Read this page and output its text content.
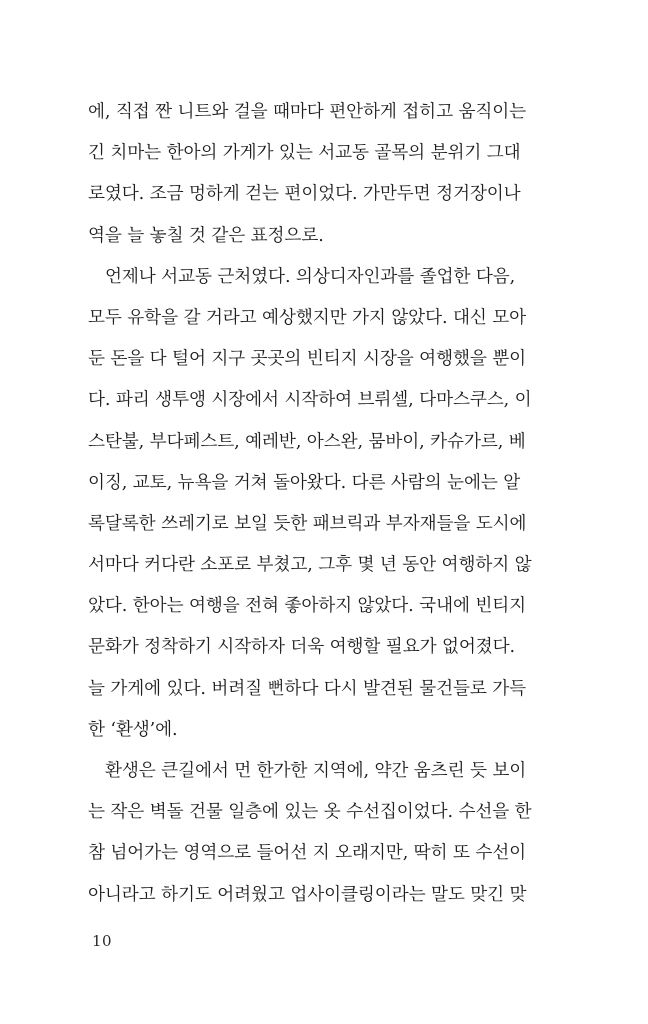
에, 직접 짠 니트와 걸을 때마다 편안하게 접히고 움직이는
긴 치마는 한아의 가게가 있는 서교동 골목의 분위기 그대
로였다. 조금 멍하게 걷는 편이었다. 가만두면 정거장이나
역을 늘 놓칠 것 같은 표정으로.
언제나 서교동 근처였다. 의상디자인과를 졸업한 다음,
모두 유학을 갈 거라고 예상했지만 가지 않았다. 대신 모아
둔 돈을 다 털어 지구 곳곳의 빈티지 시장을 여행했을 뿐이
다. 파리 생투앵 시장에서 시작하여 브뤼셀, 다마스쿠스, 이
스탄불, 부다페스트, 예레반, 아스완, 뭄바이, 카슈가르, 베
이징, 교토, 뉴욕을 거쳐 돌아왔다. 다른 사람의 눈에는 알
록달록한 쓰레기로 보일 듯한 패브릭과 부자재들을 도시에
서마다 커다란 소포로 부쳤고, 그후 몇 년 동안 여행하지 않
았다. 한아는 여행을 전혀 좋아하지 않았다. 국내에 빈티지
문화가 정착하기 시작하자 더욱 여행할 필요가 없어졌다.
늘 가게에 있다. 버려질 뻔하다 다시 발견된 물건들로 가득
한 ‘환생’에.
환생은 큰길에서 먼 한가한 지역에, 약간 움츠린 듯 보이
는 작은 벽돌 건물 일층에 있는 옷 수선집이었다. 수선을 한
참 넘어가는 영역으로 들어선 지 오래지만, 딱히 또 수선이
아니라고 하기도 어려웠고 업사이클링이라는 말도 맞긴 맞
10
